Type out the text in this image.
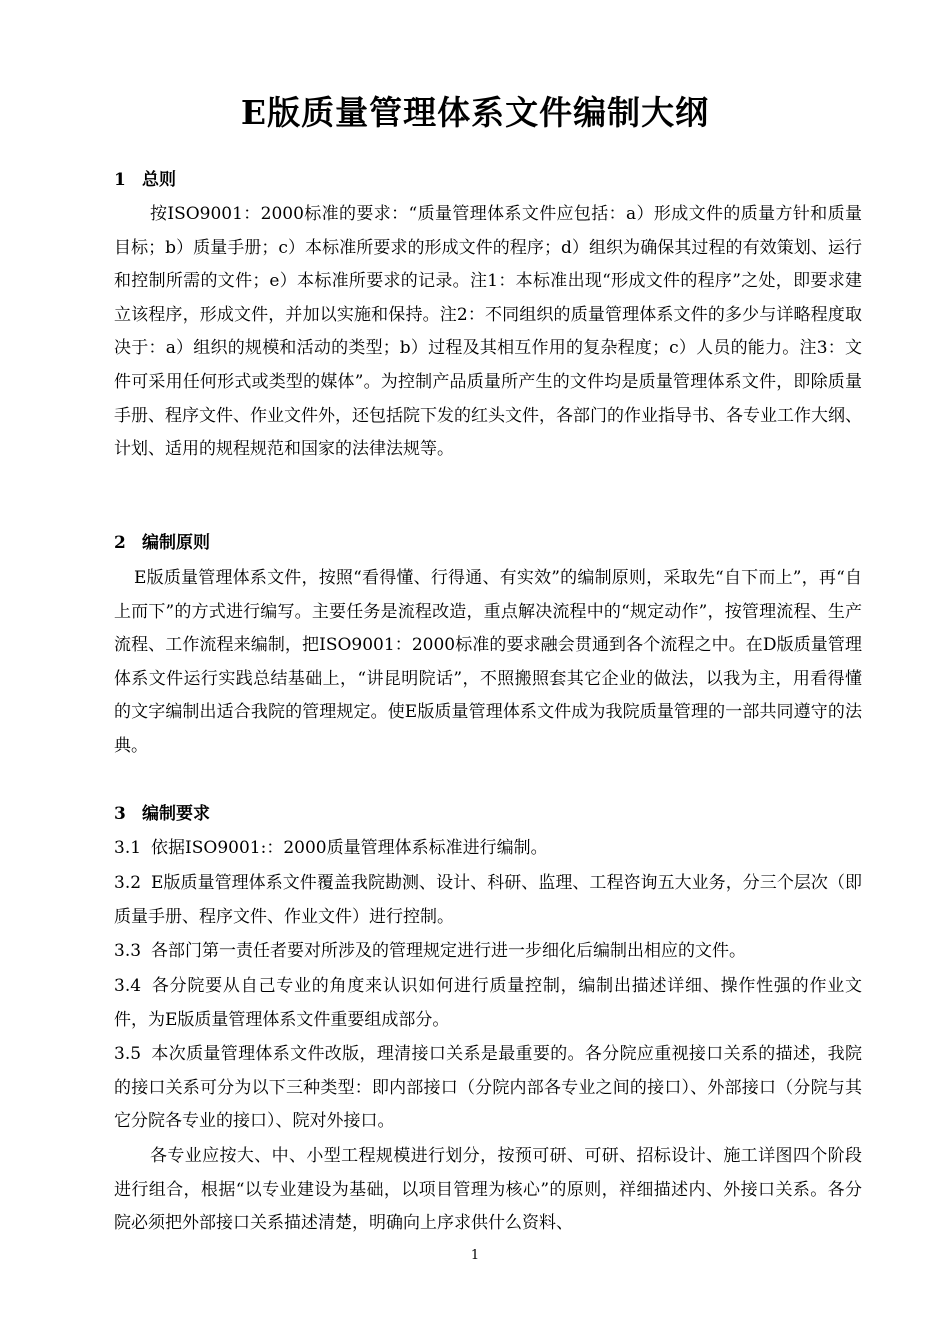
E版质量管理体系文件编制大纲
1 总则

按ISO9001：2000标准的要求：“质量管理体系文件应包括：a）形成文件的质量方针和质量目标；b）质量手册；c）本标准所要求的形成文件的程序；d）组织为确保其过程的有效策划、运行和控制所需的文件；e）本标准所要求的记录。注1：本标准出现“形成文件的程序”之处，即要求建立该程序，形成文件，并加以实施和保持。注2：不同组织的质量管理体系文件的多少与详略程度取决于：a）组织的规模和活动的类型；b）过程及其相互作用的复杂程度；c）人员的能力。注3：文件可采用任何形式或类型的媒体”。为控制产品质量所产生的文件均是质量管理体系文件，即除质量手册、程序文件、作业文件外，还包括院下发的红头文件，各部门的作业指导书、各专业工作大纲、计划、适用的规程规范和国家的法律法规等。

2 编制原则

E版质量管理体系文件，按照“看得懂、行得通、有实效”的编制原则，采取先“自下而上”，再“自上而下”的方式进行编写。主要任务是流程改造，重点解决流程中的“规定动作”，按管理流程、生产流程、工作流程来编制，把ISO9001：2000标准的要求融会贯通到各个流程之中。在D版质量管理体系文件运行实践总结基础上，“讲昆明院话”，不照搬照套其它企业的做法，以我为主，用看得懂的文字编制出适合我院的管理规定。使E版质量管理体系文件成为我院质量管理的一部共同遵守的法典。

3 编制要求

3.1 依据ISO9001:：2000质量管理体系标准进行编制。

3.2 E版质量管理体系文件覆盖我院勘测、设计、科研、监理、工程咨询五大业务，分三个层次（即质量手册、程序文件、作业文件）进行控制。

3.3 各部门第一责任者要对所涉及的管理规定进行进一步细化后编制出相应的文件。

3.4 各分院要从自己专业的角度来认识如何进行质量控制，编制出描述详细、操作性强的作业文件，为E版质量管理体系文件重要组成部分。

3.5 本次质量管理体系文件改版，理清接口关系是最重要的。各分院应重视接口关系的描述，我院的接口关系可分为以下三种类型：即内部接口（分院内部各专业之间的接口）、外部接口（分院与其它分院各专业的接口）、院对外接口。

各专业应按大、中、小型工程规模进行划分，按预可研、可研、招标设计、施工详图四个阶段进行组合，根据“以专业建设为基础，以项目管理为核心”的原则，祥细描述内、外接口关系。各分院必须把外部接口关系描述清楚，明确向上序求供什么资料、

1
